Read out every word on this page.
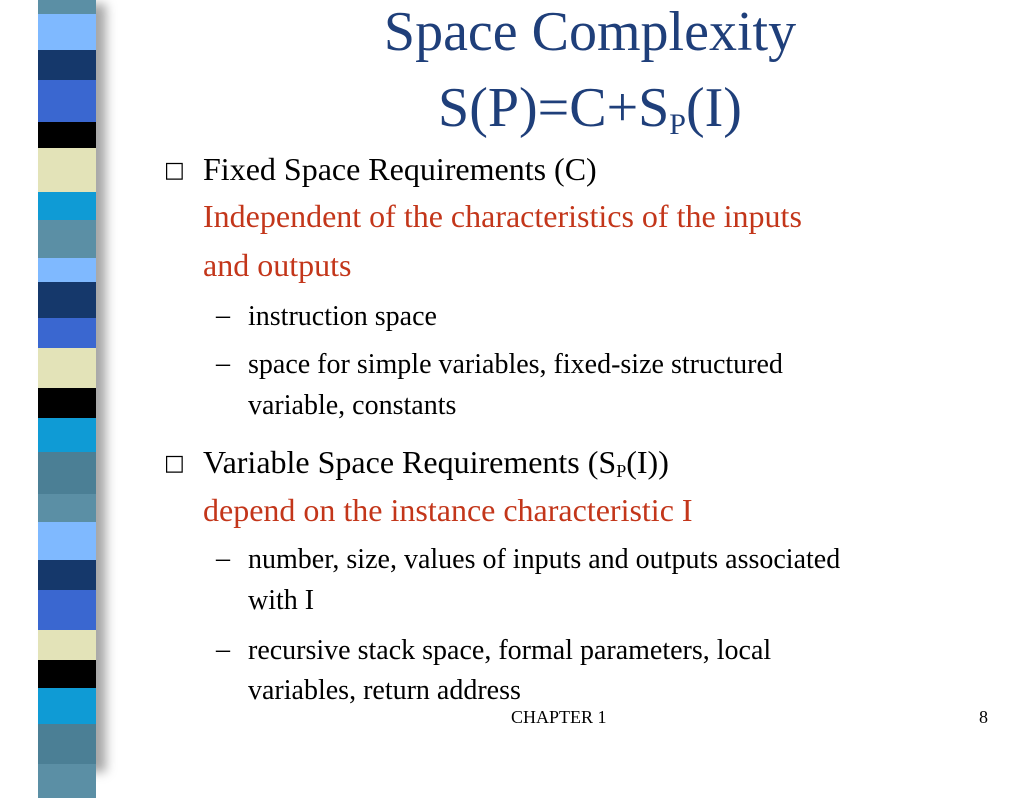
Space Complexity
$S(P)=C+S_P(I)$
□ Fixed Space Requirements (C)
Independent of the characteristics of the inputs
and outputs
– instruction space
– space for simple variables, fixed-size structured
variable, constants
□ Variable Space Requirements $(S_P(I))$
depend on the instance characteristic I
– number, size, values of inputs and outputs associated
with I
– recursive stack space, formal parameters, local
variables, return address
CHAPTER 1	8
